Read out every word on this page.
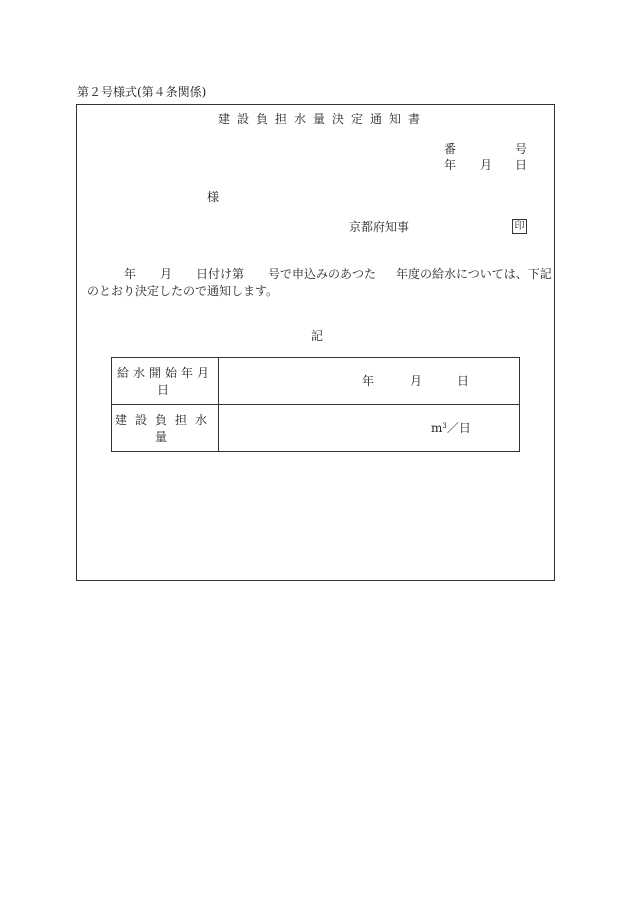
第２号様式(第４条関係)
建設負担水量決定通知書
番	号
年 月 日
様
京都府知事	印
年 月 日付け第 号で申込みのあつた 年度の給水については、下記
のとおり決定したので通知します。
記
給水開始年月日	年 月 日

建設負担水量	$m^3/$日
